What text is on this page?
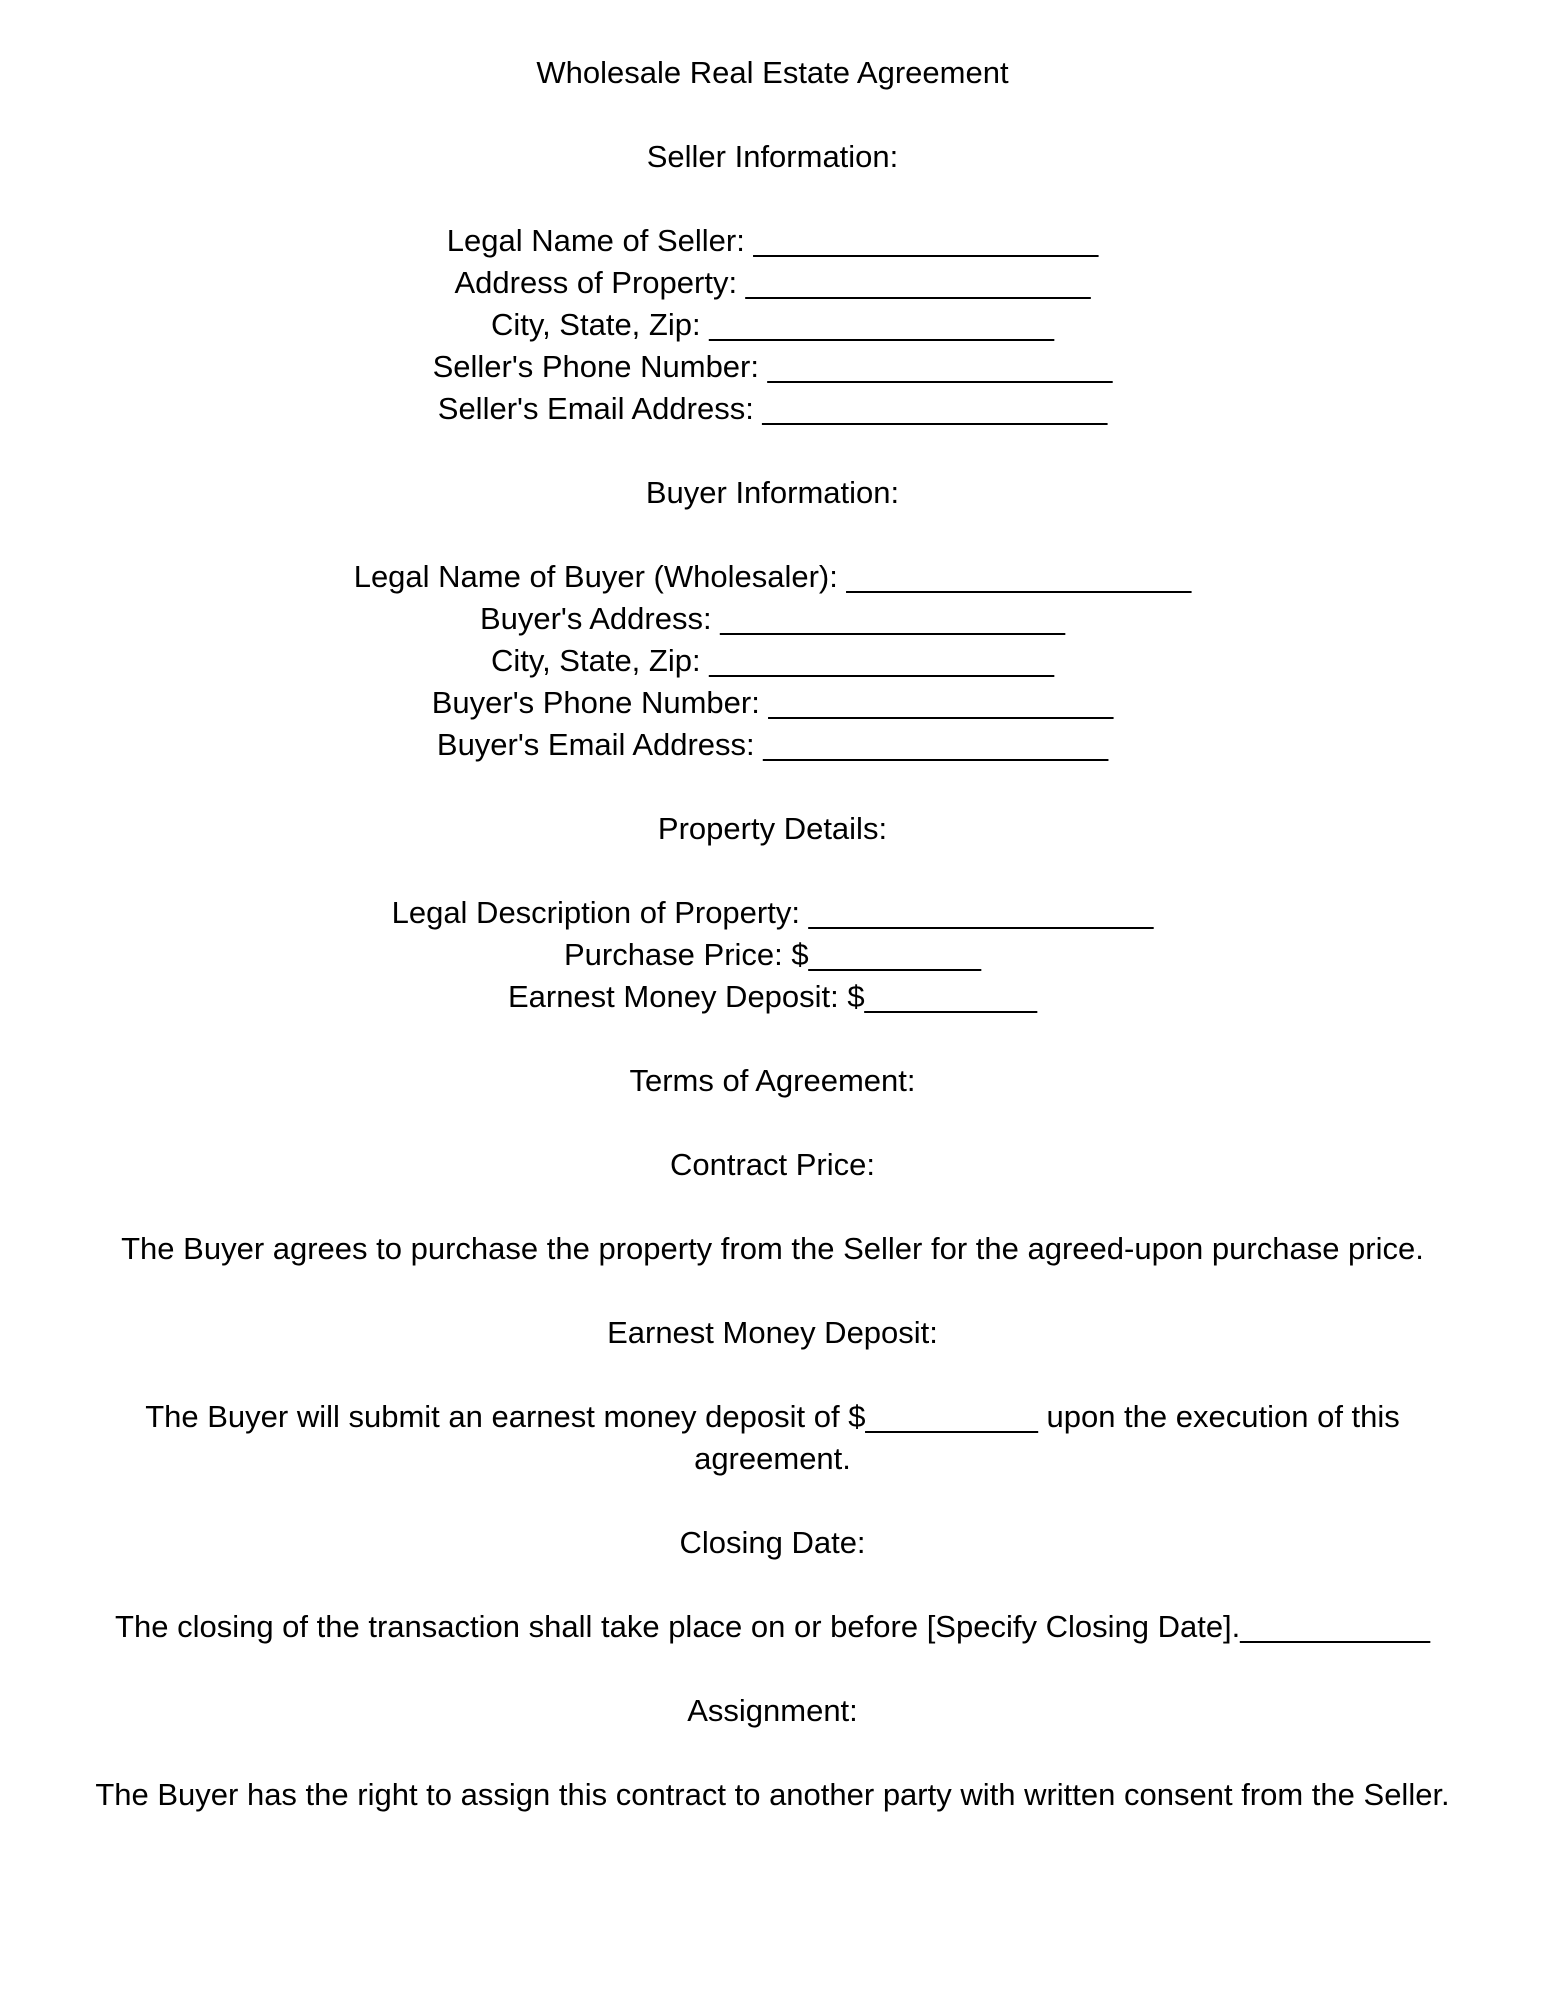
Wholesale Real Estate Agreement

Seller Information:

Legal Name of Seller: ____________________
Address of Property: ____________________
City, State, Zip: ____________________
Seller's Phone Number: ____________________
Seller's Email Address: ____________________

Buyer Information:

Legal Name of Buyer (Wholesaler): ____________________
Buyer's Address: ____________________
City, State, Zip: ____________________
Buyer's Phone Number: ____________________
Buyer's Email Address: ____________________

Property Details:

Legal Description of Property: ____________________
Purchase Price: $__________
Earnest Money Deposit: $__________

Terms of Agreement:

Contract Price:

The Buyer agrees to purchase the property from the Seller for the agreed-upon purchase price.

Earnest Money Deposit:

The Buyer will submit an earnest money deposit of $__________ upon the execution of this
agreement.

Closing Date:

The closing of the transaction shall take place on or before [Specify Closing Date].___________

Assignment:

The Buyer has the right to assign this contract to another party with written consent from the Seller.
